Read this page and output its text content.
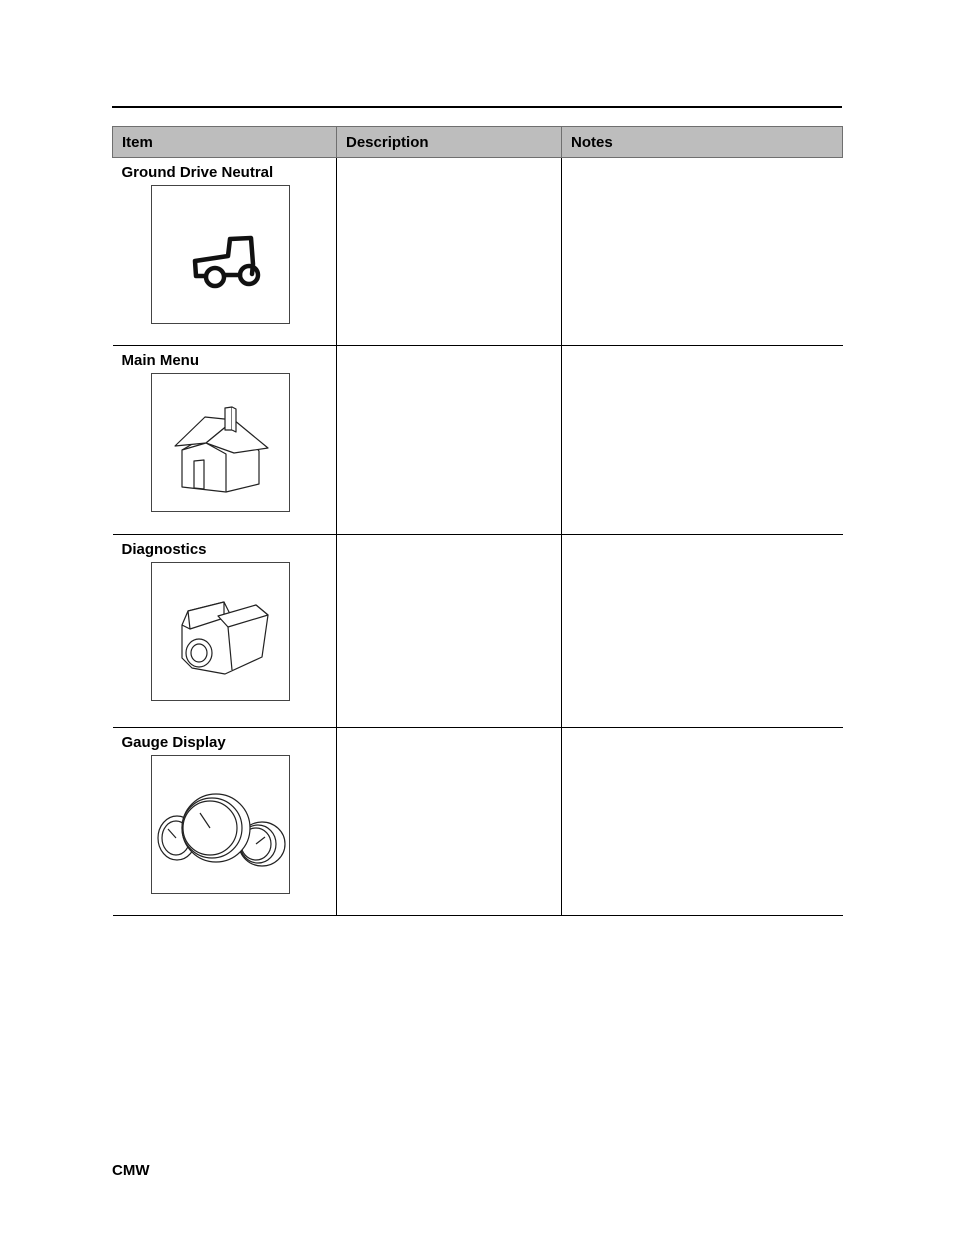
Item	Description	Notes

Ground Drive Neutral		

Main Menu		

Diagnostics		

Gauge Display		

CMW
